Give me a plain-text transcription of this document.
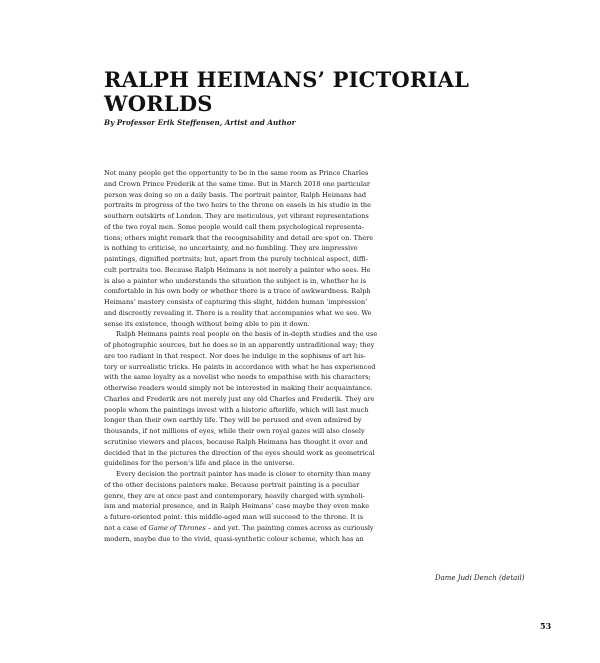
RALPH HEIMANS’ PICTORIAL
WORLDS

By Professor Erik Steffensen, Artist and Author

Not many people get the opportunity to be in the same room as Prince Charles
and Crown Prince Frederik at the same time. But in March 2018 one particular
person was doing so on a daily basis. The portrait painter, Ralph Heimans had
portraits in progress of the two heirs to the throne on easels in his studio in the
southern outskirts of London. They are meticulous, yet vibrant representations
of the two royal men. Some people would call them psychological representa-
tions; others might remark that the recognisability and detail are spot on. There
is nothing to criticise, no uncertainty, and no fumbling. They are impressive
paintings, dignified portraits; but, apart from the purely technical aspect, diffi-
cult portraits too. Because Ralph Heimans is not merely a painter who sees. He
is also a painter who understands the situation the subject is in, whether he is
comfortable in his own body or whether there is a trace of awkwardness. Ralph
Heimans’ mastery consists of capturing this slight, hidden human ‘impression’
and discreetly revealing it. There is a reality that accompanies what we see. We
sense its existence, though without being able to pin it down.
Ralph Heimans paints real people on the basis of in-depth studies and the use
of photographic sources, but he does so in an apparently untraditional way; they
are too radiant in that respect. Nor does he indulge in the sophisms of art his-
tory or surrealistic tricks. He paints in accordance with what he has experienced
with the same loyalty as a novelist who needs to empathise with his characters;
otherwise readers would simply not be interested in making their acquaintance.
Charles and Frederik are not merely just any old Charles and Frederik. They are
people whom the paintings invest with a historic afterlife, which will last much
longer than their own earthly life. They will be perused and even admired by
thousands, if not millions of eyes, while their own royal gazes will also closely
scrutinise viewers and places, because Ralph Heimans has thought it over and
decided that in the pictures the direction of the eyes should work as geometrical
guidelines for the person’s life and place in the universe.
Every decision the portrait painter has made is closer to eternity than many
of the other decisions painters make. Because portrait painting is a peculiar
genre, they are at once past and contemporary, heavily charged with symboli-
ism and material presence, and in Ralph Heimans’ case maybe they even make
a future-oriented point: this middle-aged man will succeed to the throne. It is
not a case of Game of Thrones – and yet. The painting comes across as curiously
modern, maybe due to the vivid, quasi-synthetic colour scheme, which has an

Dame Judi Dench (detail)

53
